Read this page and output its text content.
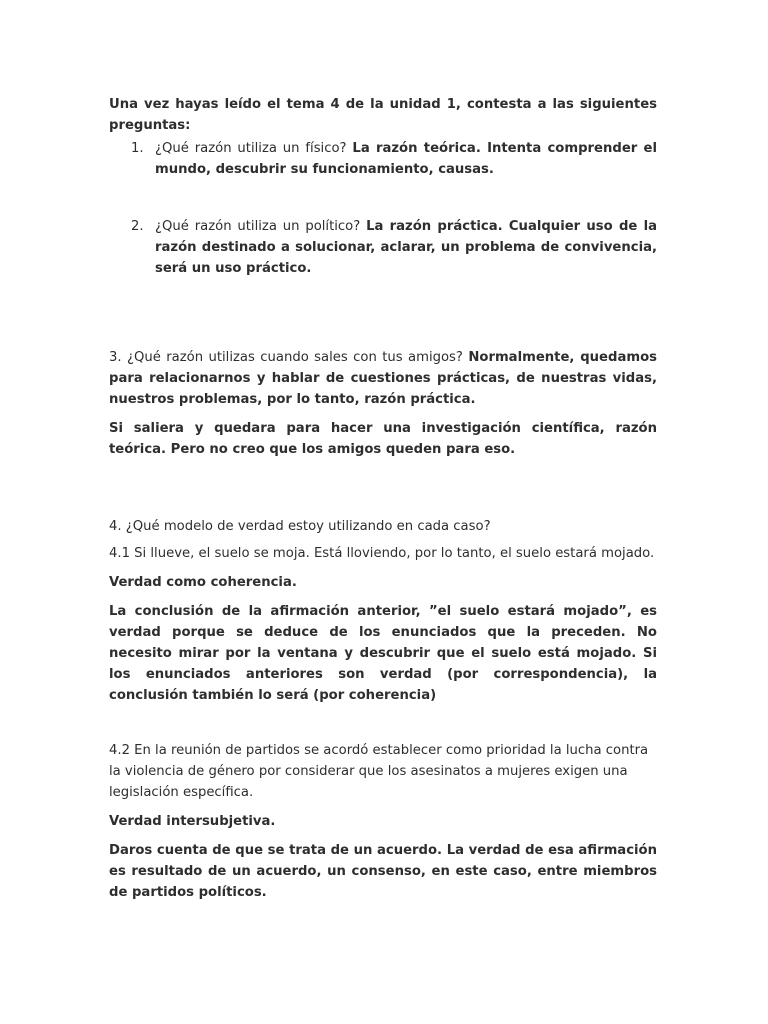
Una vez hayas leído el tema 4 de la unidad 1, contesta a las siguientes preguntas:

1. ¿Qué razón utiliza un físico? La razón teórica. Intenta comprender el mundo, descubrir su funcionamiento, causas.
2. ¿Qué razón utiliza un político? La razón práctica. Cualquier uso de la razón destinado a solucionar, aclarar, un problema de convivencia, será un uso práctico.

3. ¿Qué razón utilizas cuando sales con tus amigos? Normalmente, quedamos para relacionarnos y hablar de cuestiones prácticas, de nuestras vidas, nuestros problemas, por lo tanto, razón práctica.

Si saliera y quedara para hacer una investigación científica, razón teórica. Pero no creo que los amigos queden para eso.

4. ¿Qué modelo de verdad estoy utilizando en cada caso?

4.1 Si llueve, el suelo se moja. Está lloviendo, por lo tanto, el suelo estará mojado.

Verdad como coherencia.

La conclusión de la afirmación anterior, ”el suelo estará mojado”, es verdad porque se deduce de los enunciados que la preceden. No necesito mirar por la ventana y descubrir que el suelo está mojado. Si los enunciados anteriores son verdad (por correspondencia), la conclusión también lo será (por coherencia)

4.2 En la reunión de partidos se acordó establecer como prioridad la lucha contra la violencia de género por considerar que los asesinatos a mujeres exigen una legislación específica.

Verdad intersubjetiva.

Daros cuenta de que se trata de un acuerdo. La verdad de esa afirmación es resultado de un acuerdo, un consenso, en este caso, entre miembros de partidos políticos.
